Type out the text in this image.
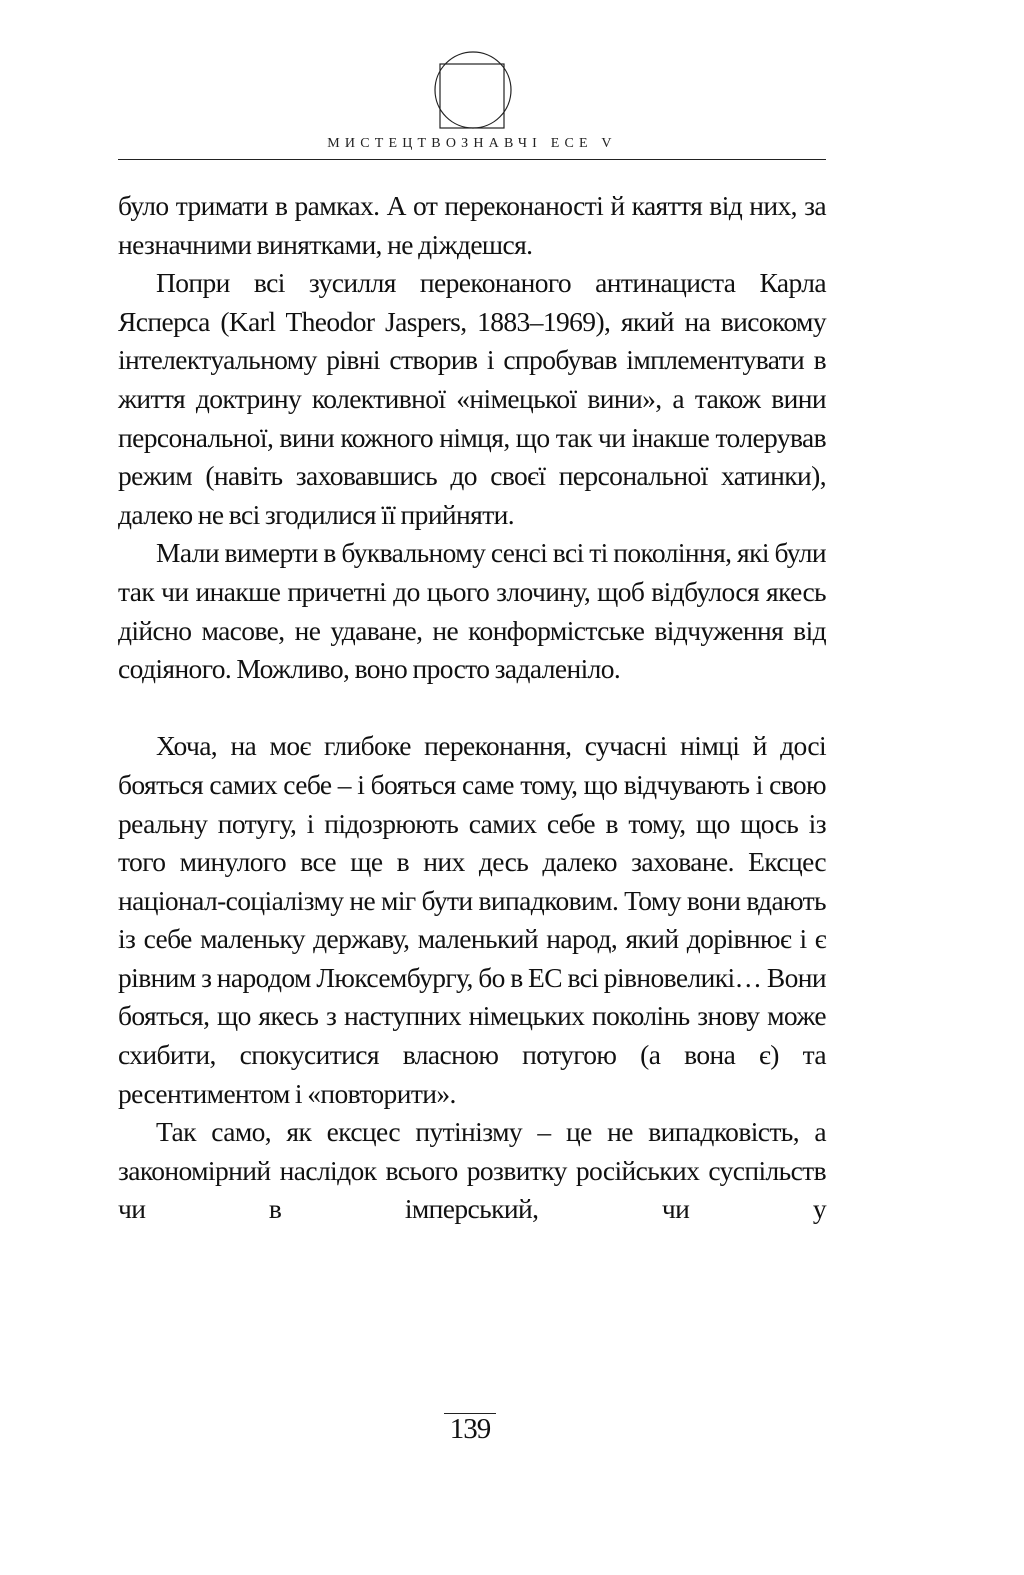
МИСТЕЦТВОЗНАВЧІ ЕСЕ V

було тримати в рамках. А от переконаності й каяття від них, за незначними винятками, не діждешся.

Попри всі зусилля переконаного антинациста Карла Ясперса (Karl Theodor Jaspers, 1883–1969), який на високому інтелектуальному рівні створив і спробував імплементувати в життя доктрину колективної «німецької вини», а також вини персональної, вини кожного німця, що так чи інакше толерував режим (навіть заховавшись до своєї персональної хатинки), далеко не всі згодилися її прийняти.

Мали вимерти в буквальному сенсі всі ті покоління, які були так чи инакше причетні до цього злочину, щоб відбулося якесь дійсно масове, не удаване, не конформістське відчуження від содіяного. Можливо, воно просто задаленіло.

Хоча, на моє глибоке переконання, сучасні німці й досі бояться самих себе – і бояться саме тому, що відчувають і свою реальну потугу, і підозрюють самих себе в тому, що щось із того минулого все ще в них десь далеко заховане. Ексцес націонал-соціалізму не міг бути випадковим. Тому вони вдають із себе маленьку державу, маленький народ, який дорівнює і є рівним з народом Люксембургу, бо в ЕС всі рівновеликі… Вони бояться, що якесь з наступних німецьких поколінь знову може схибити, спокуситися власною потугою (а вона є) та ресентиментом і «повторити».

Так само, як ексцес путінізму – це не випадковість, а закономірний наслідок всього розвитку російських суспільств чи в імперський, чи у

139
